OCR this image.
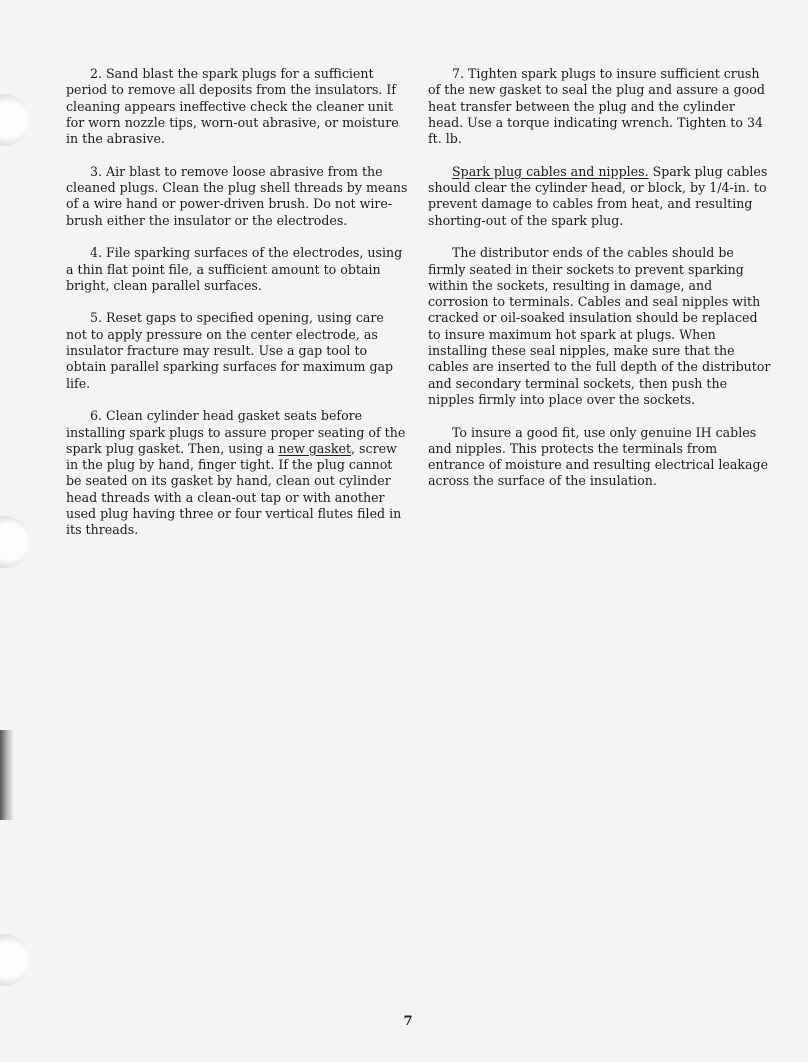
2. Sand blast the spark plugs for a sufficient period to remove all deposits from the insulators. If cleaning appears ineffective check the cleaner unit for worn nozzle tips, worn-out abrasive, or moisture in the abrasive.

3. Air blast to remove loose abrasive from the cleaned plugs. Clean the plug shell threads by means of a wire hand or power-driven brush. Do not wire-brush either the insulator or the electrodes.

4. File sparking surfaces of the electrodes, using a thin flat point file, a sufficient amount to obtain bright, clean parallel surfaces.

5. Reset gaps to specified opening, using care not to apply pressure on the center electrode, as insulator fracture may result. Use a gap tool to obtain parallel sparking surfaces for maximum gap life.

6. Clean cylinder head gasket seats before installing spark plugs to assure proper seating of the spark plug gasket. Then, using a new gasket, screw in the plug by hand, finger tight. If the plug cannot be seated on its gasket by hand, clean out cylinder head threads with a clean-out tap or with another used plug having three or four vertical flutes filed in its threads.

7. Tighten spark plugs to insure sufficient crush of the new gasket to seal the plug and assure a good heat transfer between the plug and the cylinder head. Use a torque indicating wrench. Tighten to 34 ft. lb.

Spark plug cables and nipples. Spark plug cables should clear the cylinder head, or block, by 1/4-in. to prevent damage to cables from heat, and resulting shorting-out of the spark plug.

The distributor ends of the cables should be firmly seated in their sockets to prevent sparking within the sockets, resulting in damage, and corrosion to terminals. Cables and seal nipples with cracked or oil-soaked insulation should be replaced to insure maximum hot spark at plugs. When installing these seal nipples, make sure that the cables are inserted to the full depth of the distributor and secondary terminal sockets, then push the nipples firmly into place over the sockets.

To insure a good fit, use only genuine IH cables and nipples. This protects the terminals from entrance of moisture and resulting electrical leakage across the surface of the insulation.

7
